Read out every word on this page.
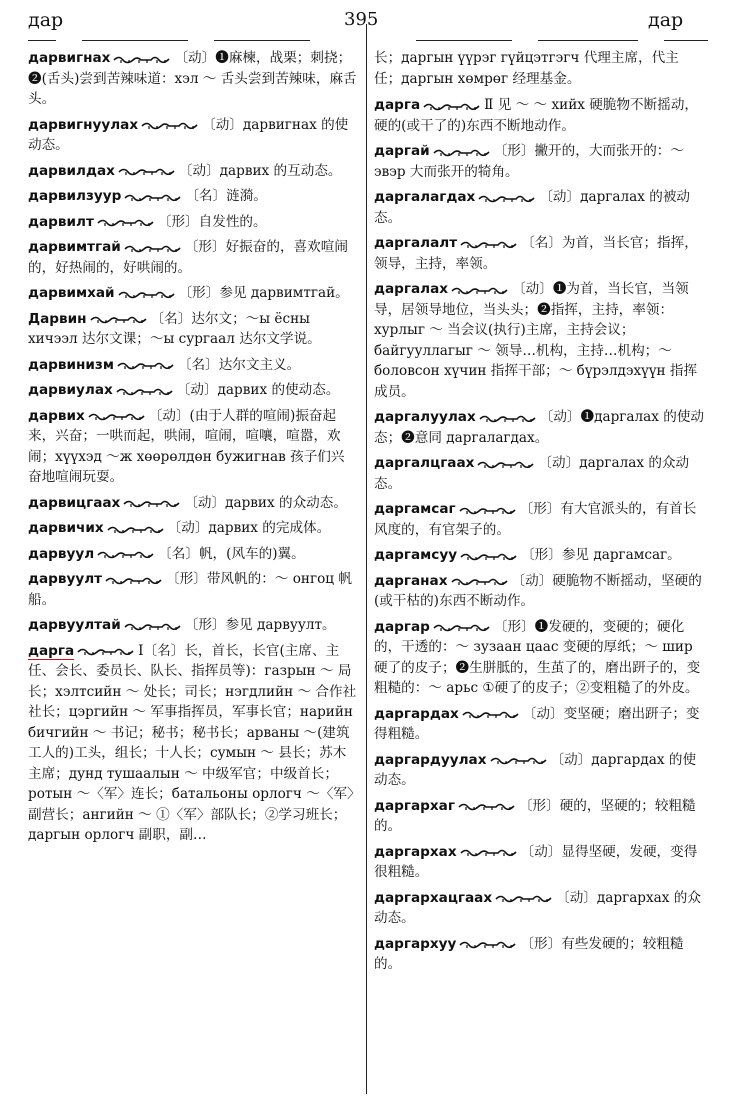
дар	395	дар
дарвигнах	〔动〕❶麻楝，战栗；刺挠；❷(舌头)尝到苦辣味道：хэл ～ 舌头尝到苦辣味，麻舌头。
дарвигнуулах	〔动〕дарвигнах 的使动态。
дарвилдах	〔动〕дарвих 的互动态。
дарвилзуур	〔名〕涟漪。
дарвилт	〔形〕自发性的。
дарвимтгай	〔形〕好振奋的，喜欢喧闹的，好热闹的，好哄闹的。
дарвимхай	〔形〕参见 дарвимтгай。
Дарвин	〔名〕达尔文；～ы ёсны хичээл 达尔文课；～ы сургаал 达尔文学说。
дарвинизм	〔名〕达尔文主义。
дарвиулах	〔动〕дарвих 的使动态。
дарвих	〔动〕(由于人群的喧闹)振奋起来，兴奋；一哄而起，哄闹，喧闹，喧嚷，喧嚣，欢闹；хүүхэд ～ж хөөрөлдөн бужигнав 孩子们兴奋地喧闹玩耍。
дарвицгаах	〔动〕дарвих 的众动态。
дарвичих	〔动〕дарвих 的完成体。
дарвуул	〔名〕帆，(风车的)翼。
дарвуулт	〔形〕带风帆的：～ онгоц 帆船。
дарвуултай	〔形〕参见 дарвуулт。
дарга	Ⅰ〔名〕长，首长，长官(主席、主任、会长、委员长、队长、指挥员等)：газрын ～ 局长；хэлтсийн ～ 处长；司长；нэгдлийн ～ 合作社社长；цэргийн ～ 军事指挥员，军事长官；нарийн бичгийн ～ 书记；秘书；秘书长；арваны ～(建筑工人的)工头，组长；十人长；сумын ～ 县长；苏木主席；дунд тушаалын ～ 中级军官；中级首长；ротын ～〈军〉连长；батальоны орлогч ～〈军〉副营长；ангийн ～ ①〈军〉部队长；②学习班长；даргын орлогч 副职，副…
长；даргын үүрэг гүйцэтгэгч 代理主席，代主任；даргын хөмрөг 经理基金。
дарга	Ⅱ 见 ～ ～ хийх 硬脆物不断摇动，硬的(或干了的)东西不断地动作。
даргай	〔形〕撇开的，大而张开的：～ эвэр 大而张开的犄角。
даргалагдах	〔动〕даргалах 的被动态。
даргалалт	〔名〕为首，当长官；指挥，领导，主持，率领。
даргалах	〔动〕❶为首，当长官，当领导，居领导地位，当头头；❷指挥，主持，率领：хурлыг ～ 当会议(执行)主席，主持会议；байгууллагыг ～ 领导…机构，主持…机构；～ боловсон хүчин 指挥干部；～ бүрэлдэхүүн 指挥成员。
даргалуулах	〔动〕❶даргалах 的使动态；❷意同 даргалагдах。
даргалцгаах	〔动〕даргалах 的众动态。
даргамсаг	〔形〕有大官派头的，有首长风度的，有官架子的。
даргамсуу	〔形〕参见 даргамсаг。
дарганах	〔动〕硬脆物不断摇动，坚硬的(或干枯的)东西不断动作。
даргар	〔形〕❶发硬的，变硬的；硬化的，干透的：～ зузаан цаас 变硬的厚纸；～ шир 硬了的皮子；❷生胼胝的，生茧了的，磨出趼子的，变粗糙的：～ арьс ①硬了的皮子；②变粗糙了的外皮。
даргардах	〔动〕变坚硬；磨出趼子；变得粗糙。
даргардуулах	〔动〕даргардах 的使动态。
даргархаг	〔形〕硬的，坚硬的；较粗糙的。
даргархах	〔动〕显得坚硬，发硬，变得很粗糙。
даргархацгаах	〔动〕даргархах 的众动态。
даргархуу	〔形〕有些发硬的；较粗糙的。
